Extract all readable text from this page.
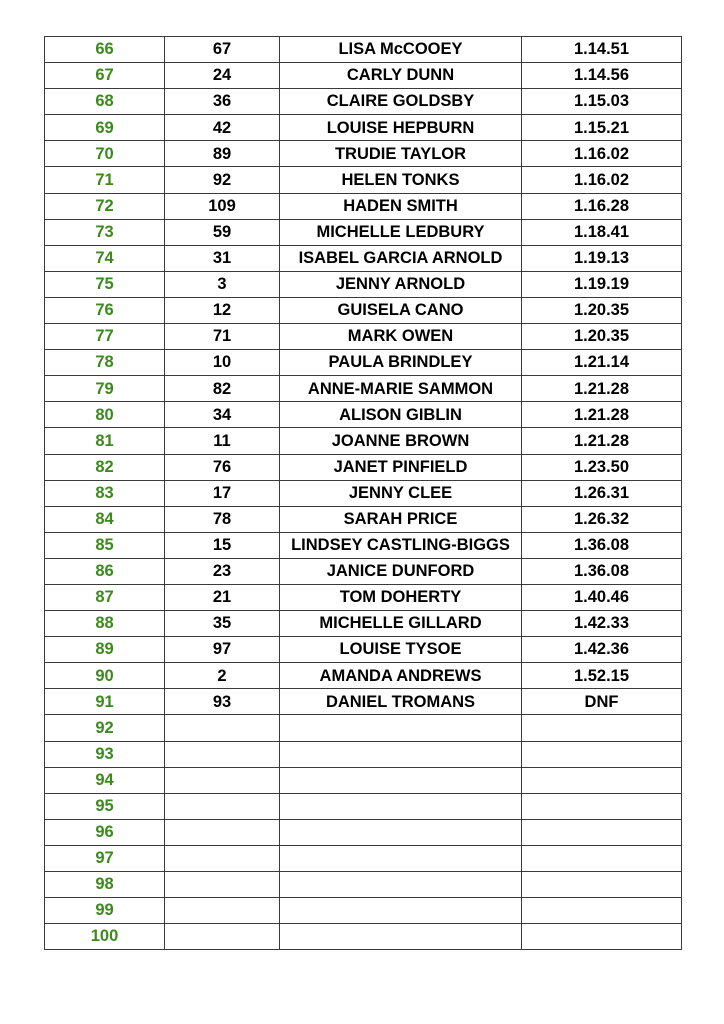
66	67	LISA McCOOEY	1.14.51
67	24	CARLY DUNN	1.14.56
68	36	CLAIRE GOLDSBY	1.15.03
69	42	LOUISE HEPBURN	1.15.21
70	89	TRUDIE TAYLOR	1.16.02
71	92	HELEN TONKS	1.16.02
72	109	HADEN SMITH	1.16.28
73	59	MICHELLE LEDBURY	1.18.41
74	31	ISABEL GARCIA ARNOLD	1.19.13
75	3	JENNY ARNOLD	1.19.19
76	12	GUISELA CANO	1.20.35
77	71	MARK OWEN	1.20.35
78	10	PAULA BRINDLEY	1.21.14
79	82	ANNE-MARIE SAMMON	1.21.28
80	34	ALISON GIBLIN	1.21.28
81	11	JOANNE BROWN	1.21.28
82	76	JANET PINFIELD	1.23.50
83	17	JENNY CLEE	1.26.31
84	78	SARAH PRICE	1.26.32
85	15	LINDSEY CASTLING-BIGGS	1.36.08
86	23	JANICE DUNFORD	1.36.08
87	21	TOM DOHERTY	1.40.46
88	35	MICHELLE GILLARD	1.42.33
89	97	LOUISE TYSOE	1.42.36
90	2	AMANDA ANDREWS	1.52.15
91	93	DANIEL TROMANS	DNF
92			
93			
94			
95			
96			
97			
98			
99			
100			
